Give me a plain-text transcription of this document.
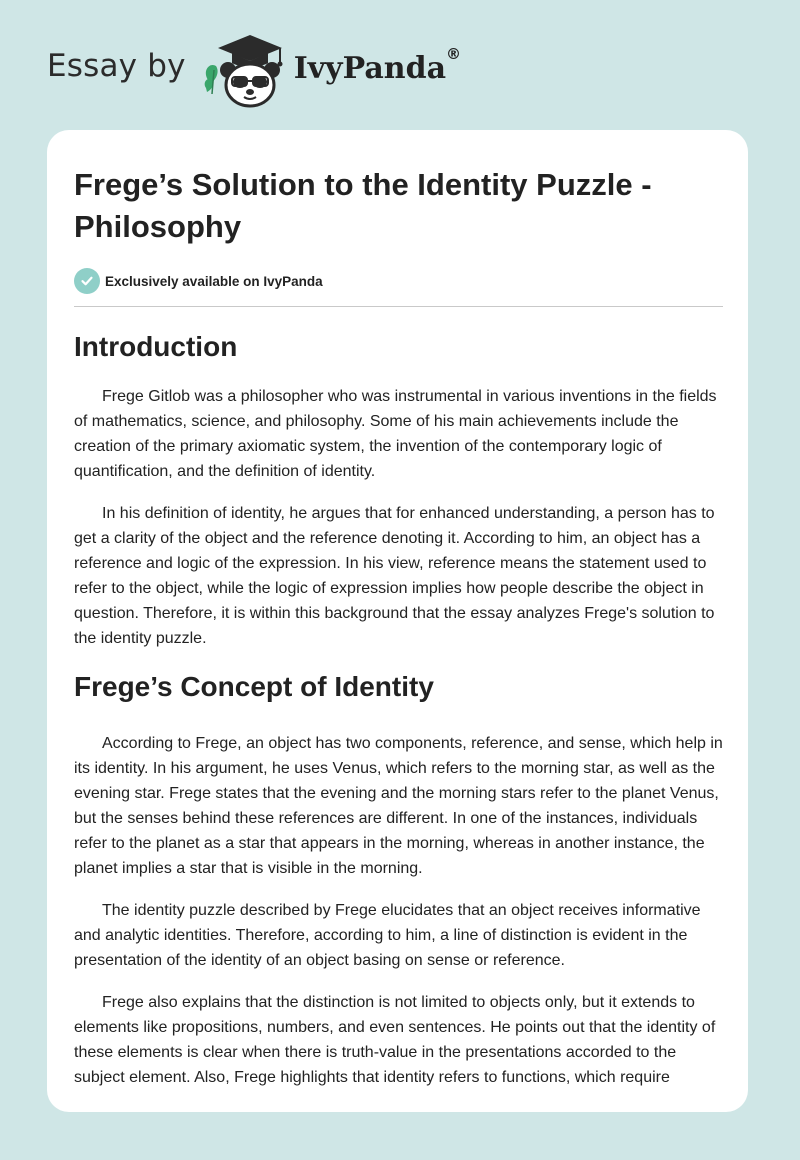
Essay by	IvyPanda®
Frege’s Solution to the Identity Puzzle - Philosophy
Exclusively available on IvyPanda
Introduction

Frege Gitlob was a philosopher who was instrumental in various inventions in the fields of mathematics, science, and philosophy. Some of his main achievements include the creation of the primary axiomatic system, the invention of the contemporary logic of quantification, and the definition of identity.

In his definition of identity, he argues that for enhanced understanding, a person has to get a clarity of the object and the reference denoting it. According to him, an object has a reference and logic of the expression. In his view, reference means the statement used to refer to the object, while the logic of expression implies how people describe the object in question. Therefore, it is within this background that the essay analyzes Frege's solution to the identity puzzle.

Frege’s Concept of Identity

According to Frege, an object has two components, reference, and sense, which help in its identity. In his argument, he uses Venus, which refers to the morning star, as well as the evening star. Frege states that the evening and the morning stars refer to the planet Venus, but the senses behind these references are different. In one of the instances, individuals refer to the planet as a star that appears in the morning, whereas in another instance, the planet implies a star that is visible in the morning.

The identity puzzle described by Frege elucidates that an object receives informative and analytic identities. Therefore, according to him, a line of distinction is evident in the presentation of the identity of an object basing on sense or reference.

Frege also explains that the distinction is not limited to objects only, but it extends to elements like propositions, numbers, and even sentences. He points out that the identity of these elements is clear when there is truth-value in the presentations accorded to the subject element. Also, Frege highlights that identity refers to functions, which require
